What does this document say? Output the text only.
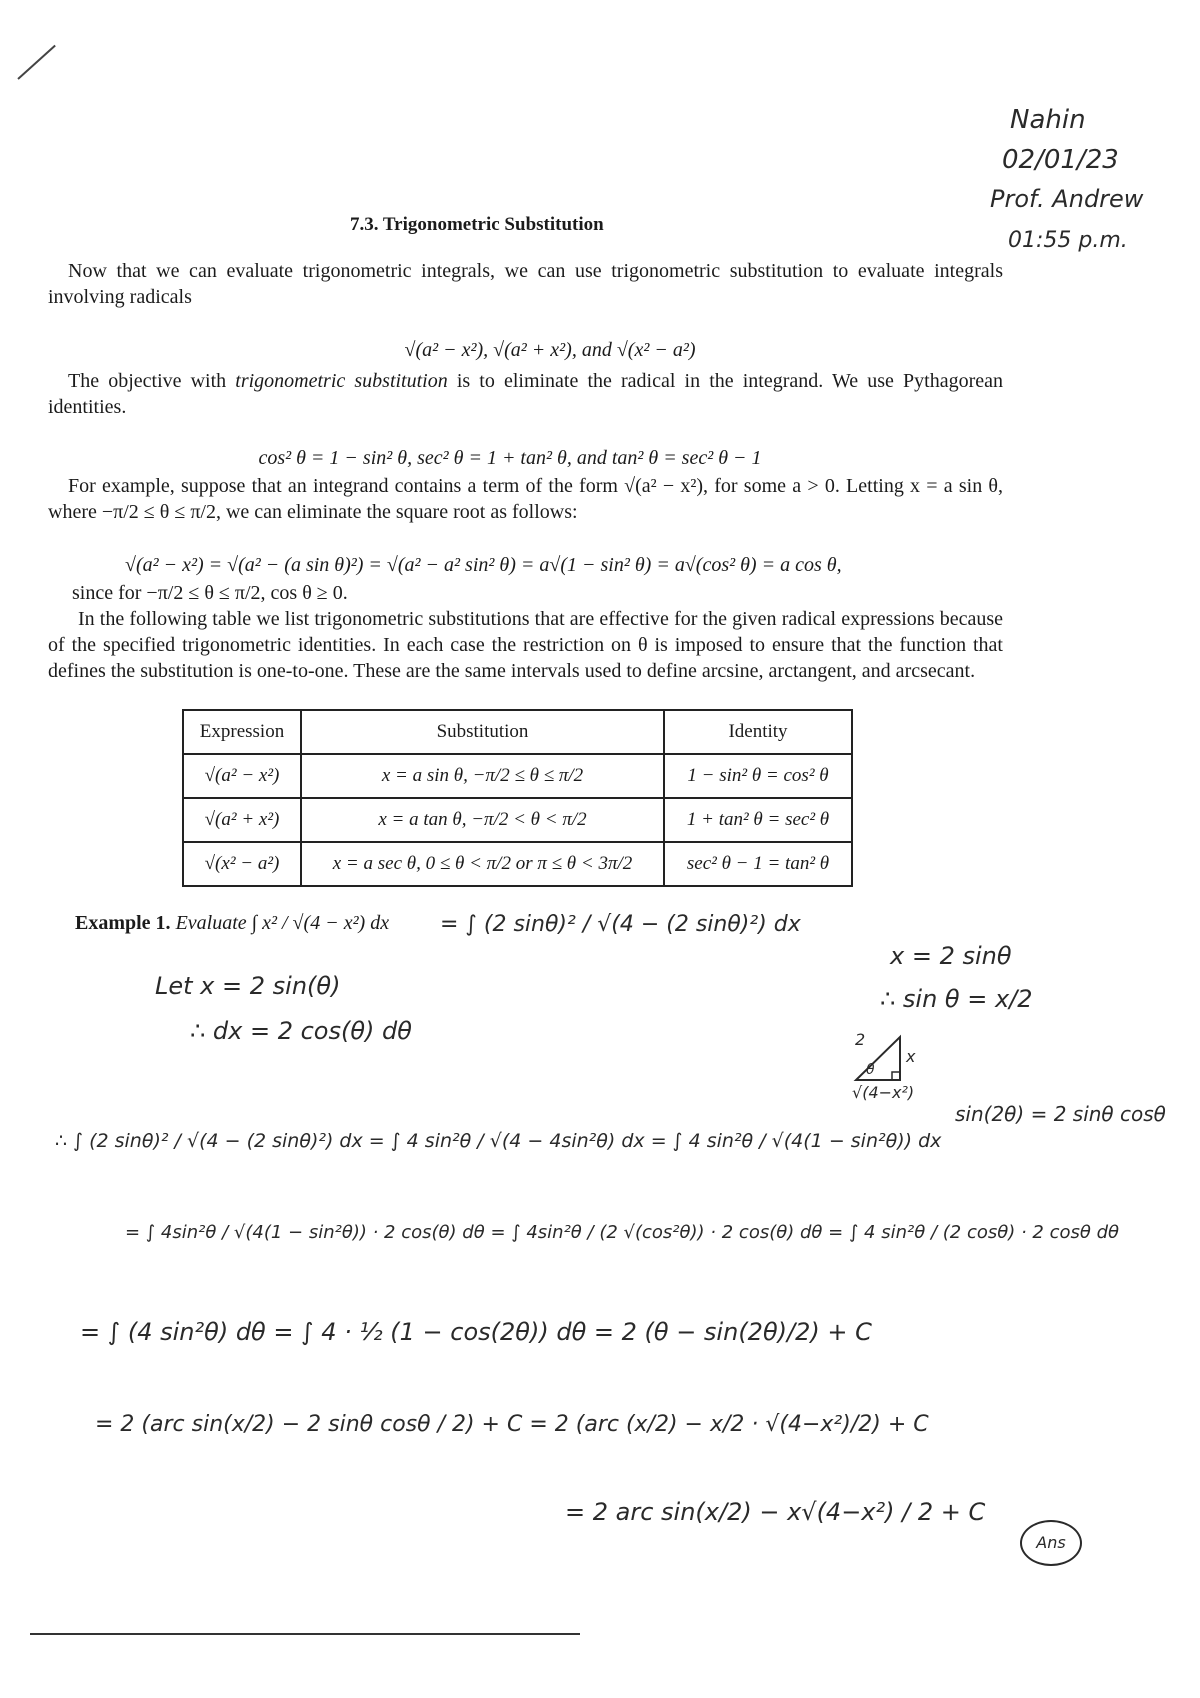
Nahin
02/01/23
Prof. Andrew
01:55 p.m.
7.3. Trigonometric Substitution
Now that we can evaluate trigonometric integrals, we can use trigonometric substitution to evaluate integrals involving radicals
√(a² − x²), √(a² + x²), and √(x² − a²)
The objective with trigonometric substitution is to eliminate the radical in the integrand. We use Pythagorean identities.
cos² θ = 1 − sin² θ, sec² θ = 1 + tan² θ, and tan² θ = sec² θ − 1
For example, suppose that an integrand contains a term of the form √(a² − x²), for some a > 0. Letting x = a sin θ, where −π/2 ≤ θ ≤ π/2, we can eliminate the square root as follows:
√(a² − x²) = √(a² − (a sin θ)²) = √(a² − a² sin² θ) = a√(1 − sin² θ) = a√(cos² θ) = a cos θ,
since for −π/2 ≤ θ ≤ π/2, cos θ ≥ 0.
In the following table we list trigonometric substitutions that are effective for the given radical expressions because of the specified trigonometric identities. In each case the restriction on θ is imposed to ensure that the function that defines the substitution is one-to-one. These are the same intervals used to define arcsine, arctangent, and arcsecant.
Expression	Substitution	Identity
√(a² − x²)	x = a sin θ, −π/2 ≤ θ ≤ π/2	1 − sin² θ = cos² θ
√(a² + x²)	x = a tan θ, −π/2 < θ < π/2	1 + tan² θ = sec² θ
√(x² − a²)	x = a sec θ, 0 ≤ θ < π/2 or π ≤ θ < 3π/2	sec² θ − 1 = tan² θ
Example 1. Evaluate ∫ x² / √(4 − x²) dx = ∫ (2 sinθ)² / √(4 − (2 sinθ)²) dx
Let x = 2 sin(θ)
∴ dx = 2 cos(θ) dθ
x = 2 sinθ
∴ sin θ = x/2
2
x
θ
√(4−x²)
sin(2θ) = 2 sinθ cosθ
∴ ∫ (2 sinθ)² / √(4 − (2 sinθ)²) dx = ∫ 4 sin²θ / √(4 − 4sin²θ) dx = ∫ 4 sin²θ / √(4(1 − sin²θ)) dx
= ∫ 4sin²θ / √(4(1 − sin²θ)) · 2 cos(θ) dθ = ∫ 4sin²θ / (2 √(cos²θ)) · 2 cos(θ) dθ = ∫ 4 sin²θ / (2 cosθ) · 2 cosθ dθ
= ∫ (4 sin²θ) dθ = ∫ 4 · ½ (1 − cos(2θ)) dθ = 2 (θ − sin(2θ)/2) + C
= 2 (arc sin(x/2) − 2 sinθ cosθ / 2) + C = 2 (arc (x/2) − x/2 · √(4−x²)/2) + C
= 2 arc sin(x/2) − x√(4−x²) / 2 + C
Ans
